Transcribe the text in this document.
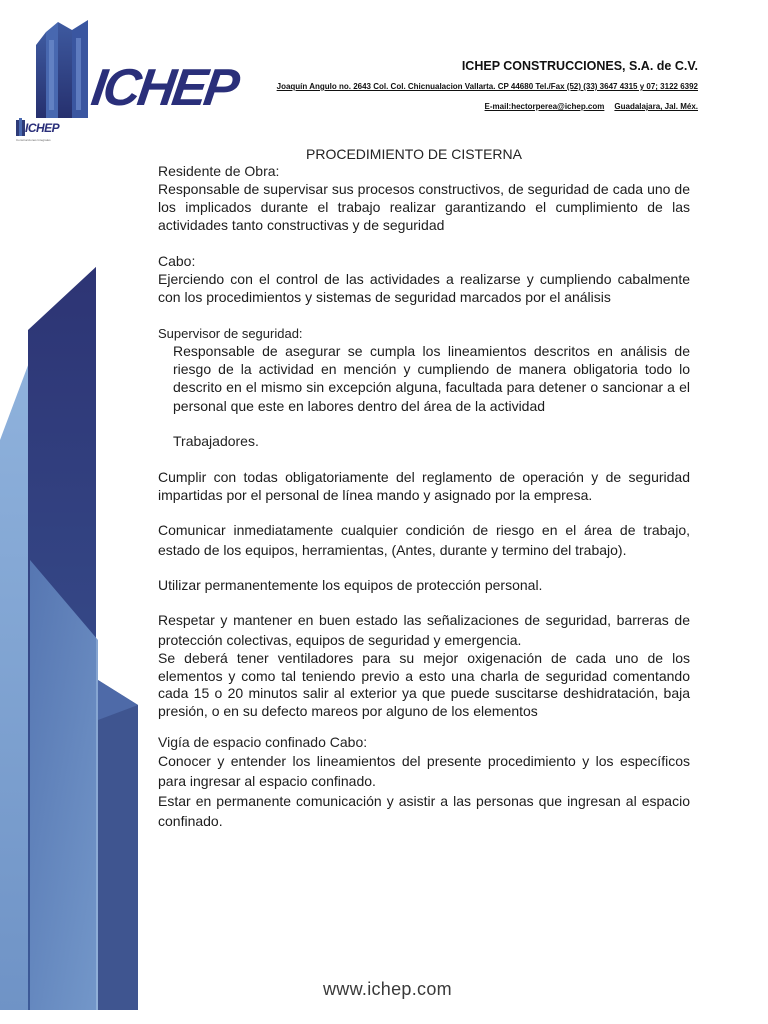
ICHEP
ICHEP
Construcciones Integrales
ICHEP CONSTRUCCIONES, S.A. de C.V.
Joaquín Angulo no. 2643 Col. Col. Chicnualacion Vallarta. CP 44680 Tel./Fax (52) (33) 3647 4315 y 07; 3122 6392
E-mail:hectorperea@ichep.com Guadalajara, Jal. Méx.
PROCEDIMIENTO DE CISTERNA
Residente de Obra:
Responsable de supervisar sus procesos constructivos, de seguridad de cada uno de los implicados durante el trabajo realizar garantizando el cumplimiento de las actividades tanto constructivas y de seguridad
Cabo:
Ejerciendo con el control de las actividades a realizarse y cumpliendo cabalmente con los procedimientos y sistemas de seguridad marcados por el análisis
Supervisor de seguridad:
Responsable de asegurar se cumpla los lineamientos descritos en análisis de riesgo de la actividad en mención y cumpliendo de manera obligatoria todo lo descrito en el mismo sin excepción alguna, facultada para detener o sancionar a el personal que este en labores dentro del área de la actividad
Trabajadores.
Cumplir con todas obligatoriamente del reglamento de operación y de seguridad impartidas por el personal de línea mando y asignado por la empresa.
Comunicar inmediatamente cualquier condición de riesgo en el área de trabajo, estado de los equipos, herramientas, (Antes, durante y termino del trabajo).
Utilizar permanentemente los equipos de protección personal.
Respetar y mantener en buen estado las señalizaciones de seguridad, barreras de protección colectivas, equipos de seguridad y emergencia.
Se deberá tener ventiladores para su mejor oxigenación de cada uno de los elementos y como tal teniendo previo a esto una charla de seguridad comentando cada 15 o 20 minutos salir al exterior ya que puede suscitarse deshidratación, baja presión, o en su defecto mareos por alguno de los elementos
Vigía de espacio confinado Cabo:
Conocer y entender los lineamientos del presente procedimiento y los específicos para ingresar al espacio confinado.
Estar en permanente comunicación y asistir a las personas que ingresan al espacio confinado.
www.ichep.com
